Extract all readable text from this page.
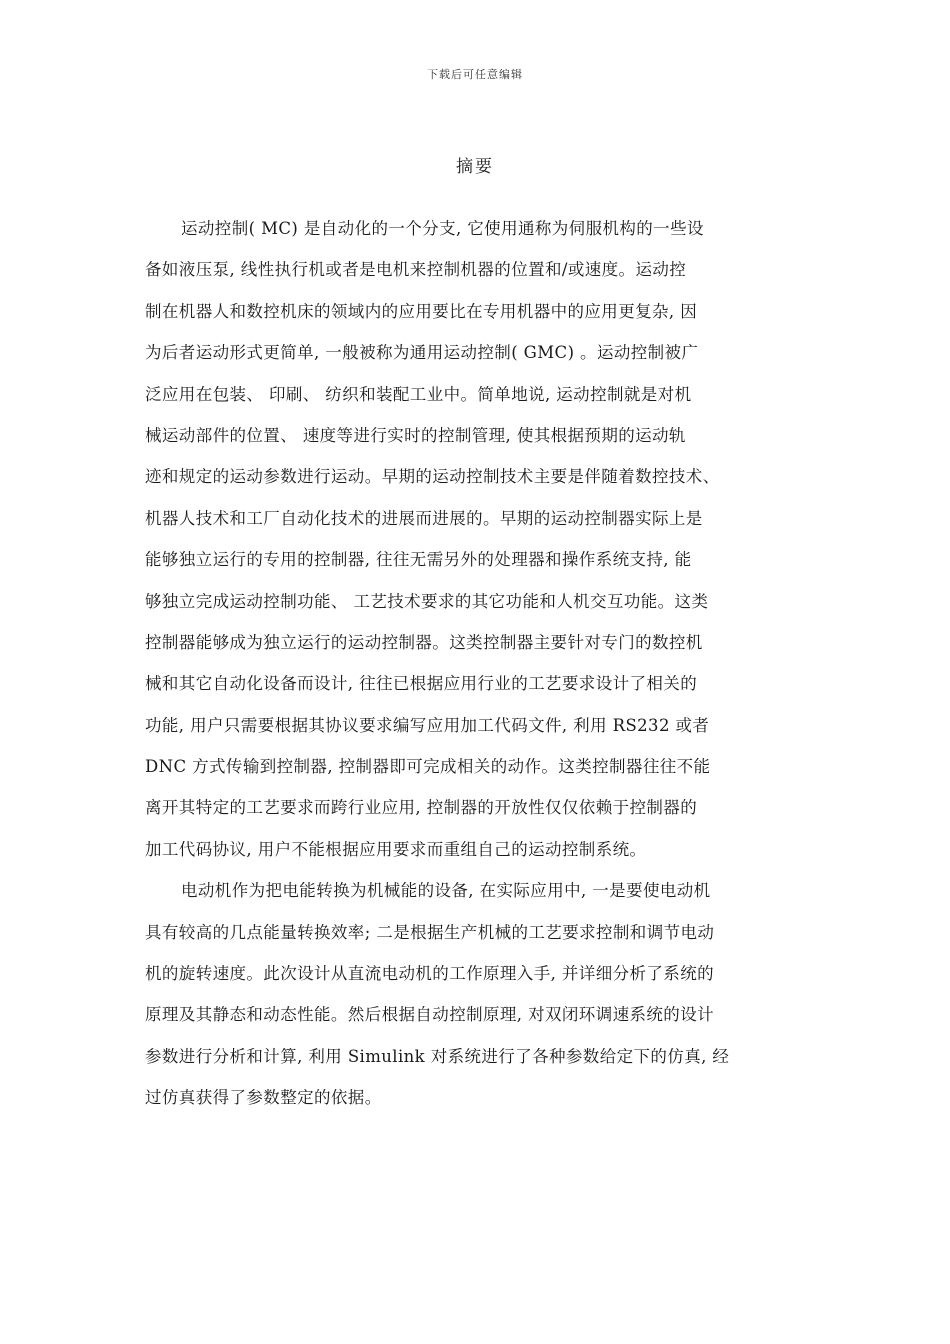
下载后可任意编辑
摘要
运动控制( MC) 是自动化的一个分支, 它使用通称为伺服机构的一些设
备如液压泵, 线性执行机或者是电机来控制机器的位置和/或速度。运动控
制在机器人和数控机床的领域内的应用要比在专用机器中的应用更复杂, 因
为后者运动形式更简单, 一般被称为通用运动控制( GMC) 。运动控制被广
泛应用在包装、 印刷、 纺织和装配工业中。简单地说, 运动控制就是对机
械运动部件的位置、 速度等进行实时的控制管理, 使其根据预期的运动轨
迹和规定的运动参数进行运动。早期的运动控制技术主要是伴随着数控技术、
机器人技术和工厂自动化技术的进展而进展的。早期的运动控制器实际上是
能够独立运行的专用的控制器, 往往无需另外的处理器和操作系统支持, 能
够独立完成运动控制功能、 工艺技术要求的其它功能和人机交互功能。这类
控制器能够成为独立运行的运动控制器。这类控制器主要针对专门的数控机
械和其它自动化设备而设计, 往往已根据应用行业的工艺要求设计了相关的
功能, 用户只需要根据其协议要求编写应用加工代码文件, 利用 RS232 或者
DNC 方式传输到控制器, 控制器即可完成相关的动作。这类控制器往往不能
离开其特定的工艺要求而跨行业应用, 控制器的开放性仅仅依赖于控制器的
加工代码协议, 用户不能根据应用要求而重组自己的运动控制系统。
电动机作为把电能转换为机械能的设备, 在实际应用中, 一是要使电动机
具有较高的几点能量转换效率; 二是根据生产机械的工艺要求控制和调节电动
机的旋转速度。此次设计从直流电动机的工作原理入手, 并详细分析了系统的
原理及其静态和动态性能。然后根据自动控制原理, 对双闭环调速系统的设计
参数进行分析和计算, 利用 Simulink 对系统进行了各种参数给定下的仿真, 经
过仿真获得了参数整定的依据。
